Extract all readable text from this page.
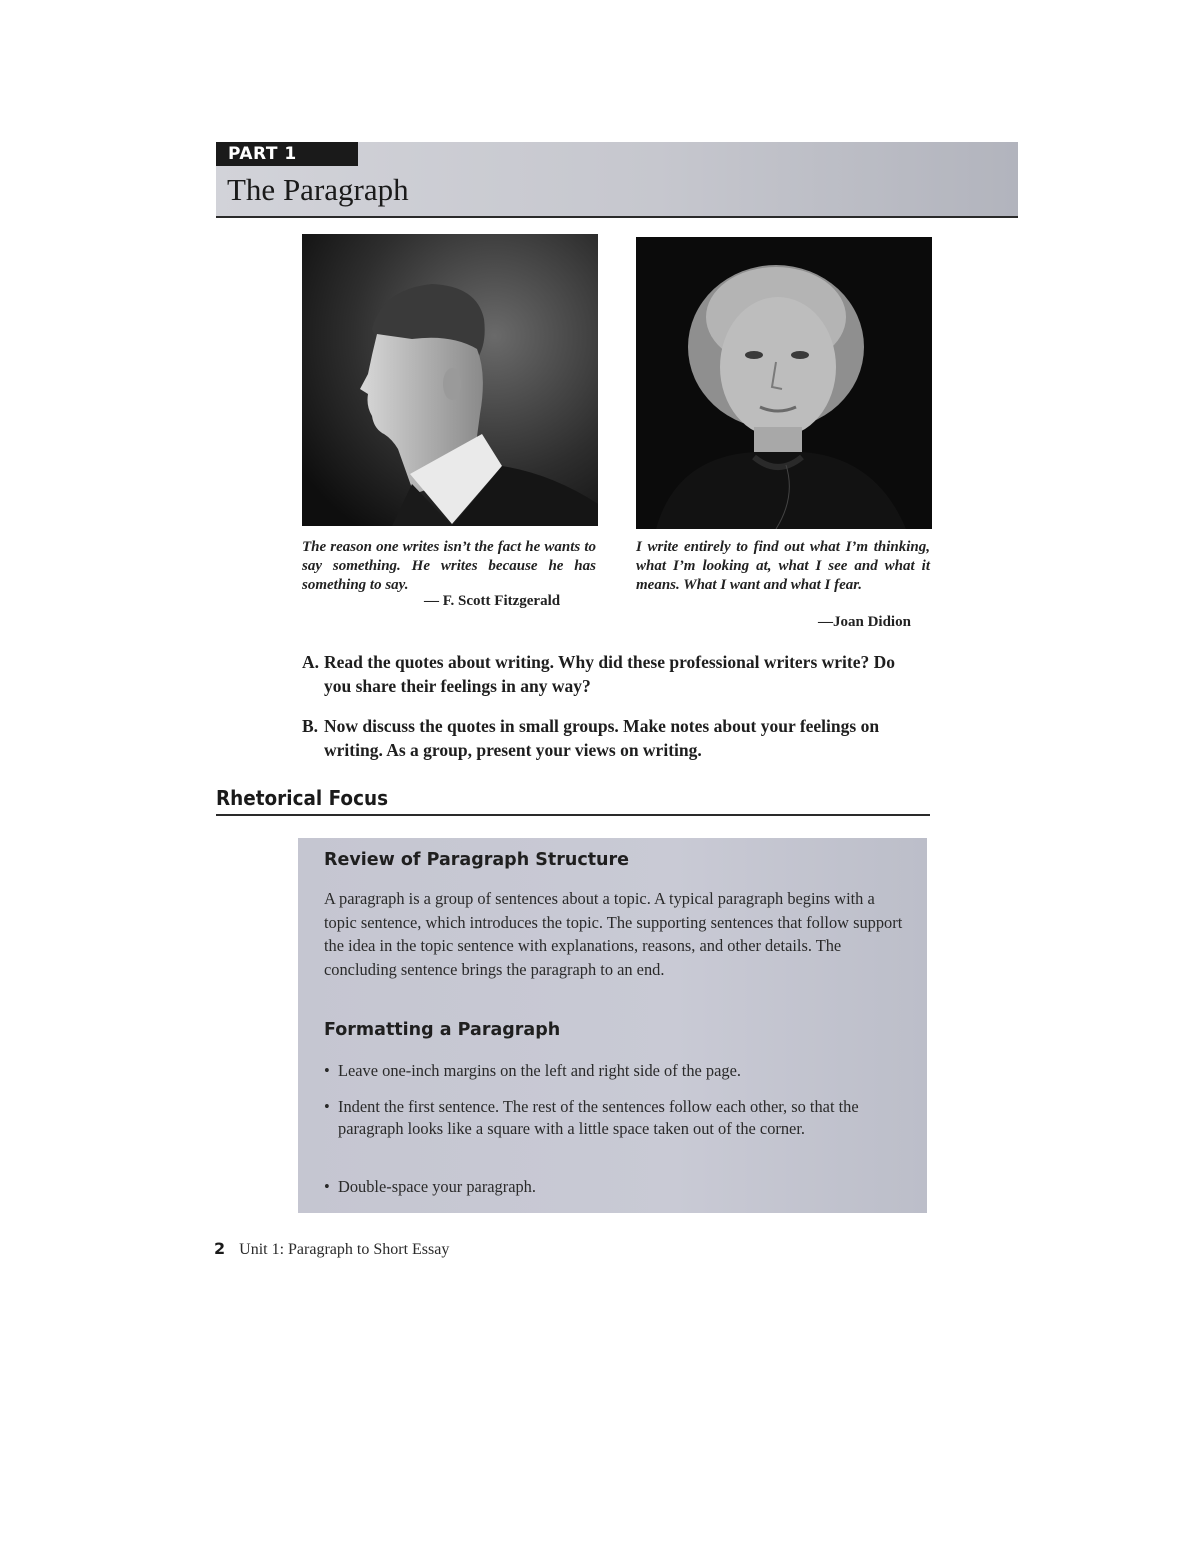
PART 1
The Paragraph
The reason one writes isn’t the fact he wants to say something. He writes because he has something to say.
— F. Scott Fitzgerald
I write entirely to find out what I’m thinking, what I’m looking at, what I see and what it means. What I want and what I fear.
—Joan Didion
A. Read the quotes about writing. Why did these professional writers write? Do you share their feelings in any way?
B. Now discuss the quotes in small groups. Make notes about your feelings on writing. As a group, present your views on writing.
Rhetorical Focus
Review of Paragraph Structure
A paragraph is a group of sentences about a topic. A typical paragraph begins with a topic sentence, which introduces the topic. The supporting sentences that follow support the idea in the topic sentence with explanations, reasons, and other details. The concluding sentence brings the paragraph to an end.
Formatting a Paragraph
• Leave one-inch margins on the left and right side of the page.
• Indent the first sentence. The rest of the sentences follow each other, so that the paragraph looks like a square with a little space taken out of the corner.
• Double-space your paragraph.
2 Unit 1: Paragraph to Short Essay
